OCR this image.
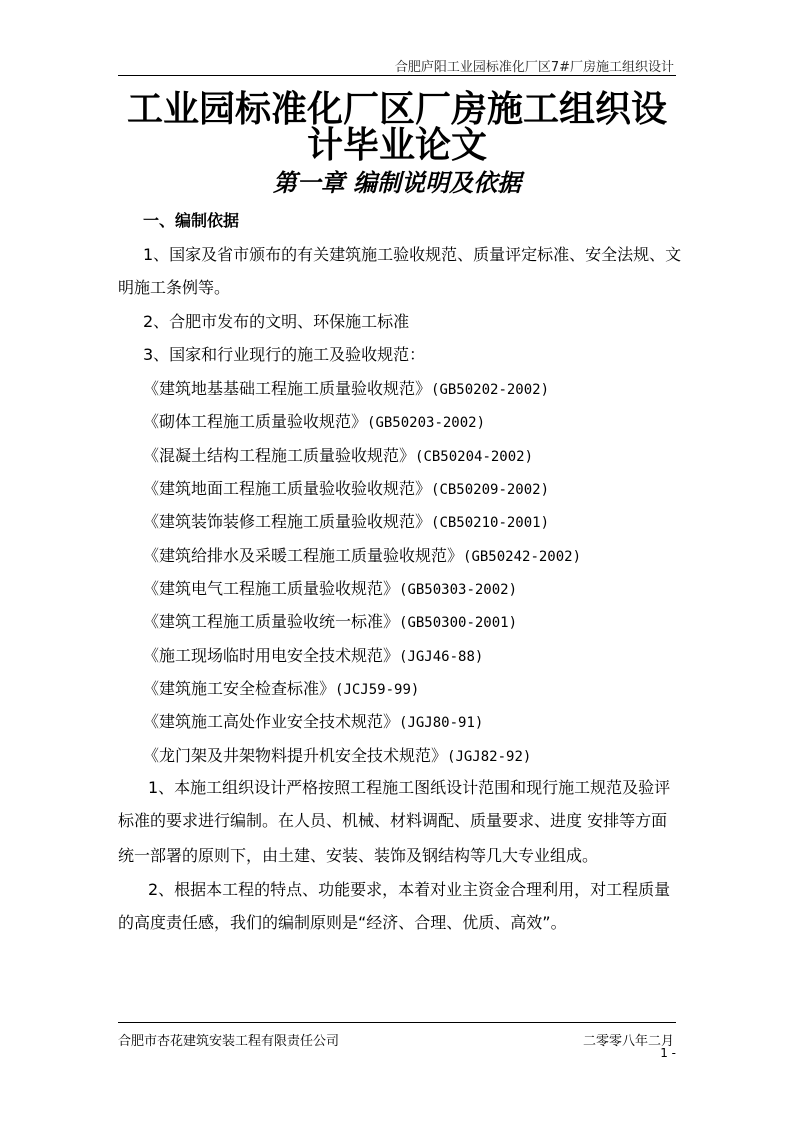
合肥庐阳工业园标准化厂区7#厂房施工组织设计
工业园标准化厂区厂房施工组织设
计毕业论文
第一章 编制说明及依据
一、编制依据
1、国家及省市颁布的有关建筑施工验收规范、质量评定标准、安全法规、文
明施工条例等。
2、合肥市发布的文明、环保施工标准
3、国家和行业现行的施工及验收规范：
《建筑地基基础工程施工质量验收规范》(GB50202-2002)
《砌体工程施工质量验收规范》(GB50203-2002)
《混凝土结构工程施工质量验收规范》(CB50204-2002)
《建筑地面工程施工质量验收验收规范》(CB50209-2002)
《建筑装饰装修工程施工质量验收规范》(CB50210-2001)
《建筑给排水及采暖工程施工质量验收规范》(GB50242-2002)
《建筑电气工程施工质量验收规范》(GB50303-2002)
《建筑工程施工质量验收统一标准》(GB50300-2001)
《施工现场临时用电安全技术规范》(JGJ46-88)
《建筑施工安全检查标准》(JCJ59-99)
《建筑施工高处作业安全技术规范》(JGJ80-91)
《龙门架及井架物料提升机安全技术规范》(JGJ82-92)
1、本施工组织设计严格按照工程施工图纸设计范围和现行施工规范及验评
标准的要求进行编制。在人员、机械、材料调配、质量要求、进度 安排等方面
统一部署的原则下，由土建、安装、装饰及钢结构等几大专业组成。
2、根据本工程的特点、功能要求，本着对业主资金合理利用，对工程质量
的高度责任感，我们的编制原则是“经济、合理、优质、高效”。
合肥市杏花建筑安装工程有限责任公司	二零零八年二月
1 -
